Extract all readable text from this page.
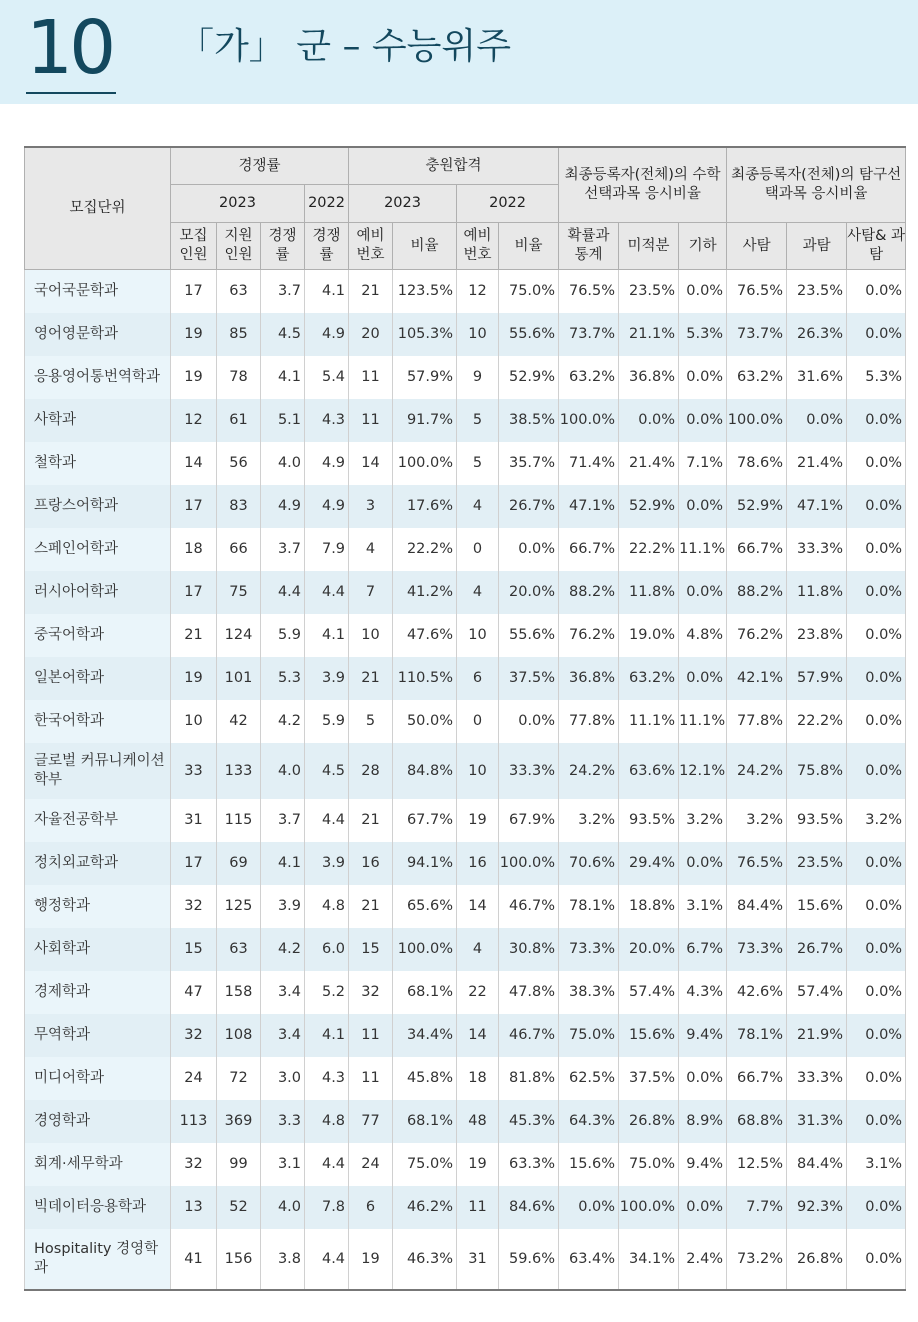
10 「가」 군 – 수능위주
모집단위	경쟁률				충원합격				최종등록자(전체)의 수학선택과목 응시비율			최종등록자(전체)의 탐구선택과목 응시비율		
	2023			2022	2023		2022							
	모집 인원	지원 인원	경쟁 률	경쟁 률	예비 번호	비율	예비 번호	비율	확률과 통계	미적분	기하	사탐	과탐	사탐& 과탐
국어국문학과	17	63	3.7	4.1	21	123.5%	12	75.0%	76.5%	23.5%	0.0%	76.5%	23.5%	0.0%
영어영문학과	19	85	4.5	4.9	20	105.3%	10	55.6%	73.7%	21.1%	5.3%	73.7%	26.3%	0.0%
응용영어통번역학과	19	78	4.1	5.4	11	57.9%	9	52.9%	63.2%	36.8%	0.0%	63.2%	31.6%	5.3%
사학과	12	61	5.1	4.3	11	91.7%	5	38.5%	100.0%	0.0%	0.0%	100.0%	0.0%	0.0%
철학과	14	56	4.0	4.9	14	100.0%	5	35.7%	71.4%	21.4%	7.1%	78.6%	21.4%	0.0%
프랑스어학과	17	83	4.9	4.9	3	17.6%	4	26.7%	47.1%	52.9%	0.0%	52.9%	47.1%	0.0%
스페인어학과	18	66	3.7	7.9	4	22.2%	0	0.0%	66.7%	22.2%	11.1%	66.7%	33.3%	0.0%
러시아어학과	17	75	4.4	4.4	7	41.2%	4	20.0%	88.2%	11.8%	0.0%	88.2%	11.8%	0.0%
중국어학과	21	124	5.9	4.1	10	47.6%	10	55.6%	76.2%	19.0%	4.8%	76.2%	23.8%	0.0%
일본어학과	19	101	5.3	3.9	21	110.5%	6	37.5%	36.8%	63.2%	0.0%	42.1%	57.9%	0.0%
한국어학과	10	42	4.2	5.9	5	50.0%	0	0.0%	77.8%	11.1%	11.1%	77.8%	22.2%	0.0%
글로벌 커뮤니케이션학부	33	133	4.0	4.5	28	84.8%	10	33.3%	24.2%	63.6%	12.1%	24.2%	75.8%	0.0%
자율전공학부	31	115	3.7	4.4	21	67.7%	19	67.9%	3.2%	93.5%	3.2%	3.2%	93.5%	3.2%
정치외교학과	17	69	4.1	3.9	16	94.1%	16	100.0%	70.6%	29.4%	0.0%	76.5%	23.5%	0.0%
행정학과	32	125	3.9	4.8	21	65.6%	14	46.7%	78.1%	18.8%	3.1%	84.4%	15.6%	0.0%
사회학과	15	63	4.2	6.0	15	100.0%	4	30.8%	73.3%	20.0%	6.7%	73.3%	26.7%	0.0%
경제학과	47	158	3.4	5.2	32	68.1%	22	47.8%	38.3%	57.4%	4.3%	42.6%	57.4%	0.0%
무역학과	32	108	3.4	4.1	11	34.4%	14	46.7%	75.0%	15.6%	9.4%	78.1%	21.9%	0.0%
미디어학과	24	72	3.0	4.3	11	45.8%	18	81.8%	62.5%	37.5%	0.0%	66.7%	33.3%	0.0%
경영학과	113	369	3.3	4.8	77	68.1%	48	45.3%	64.3%	26.8%	8.9%	68.8%	31.3%	0.0%
회계·세무학과	32	99	3.1	4.4	24	75.0%	19	63.3%	15.6%	75.0%	9.4%	12.5%	84.4%	3.1%
빅데이터응용학과	13	52	4.0	7.8	6	46.2%	11	84.6%	0.0%	100.0%	0.0%	7.7%	92.3%	0.0%
Hospitality 경영학과	41	156	3.8	4.4	19	46.3%	31	59.6%	63.4%	34.1%	2.4%	73.2%	26.8%	0.0%
